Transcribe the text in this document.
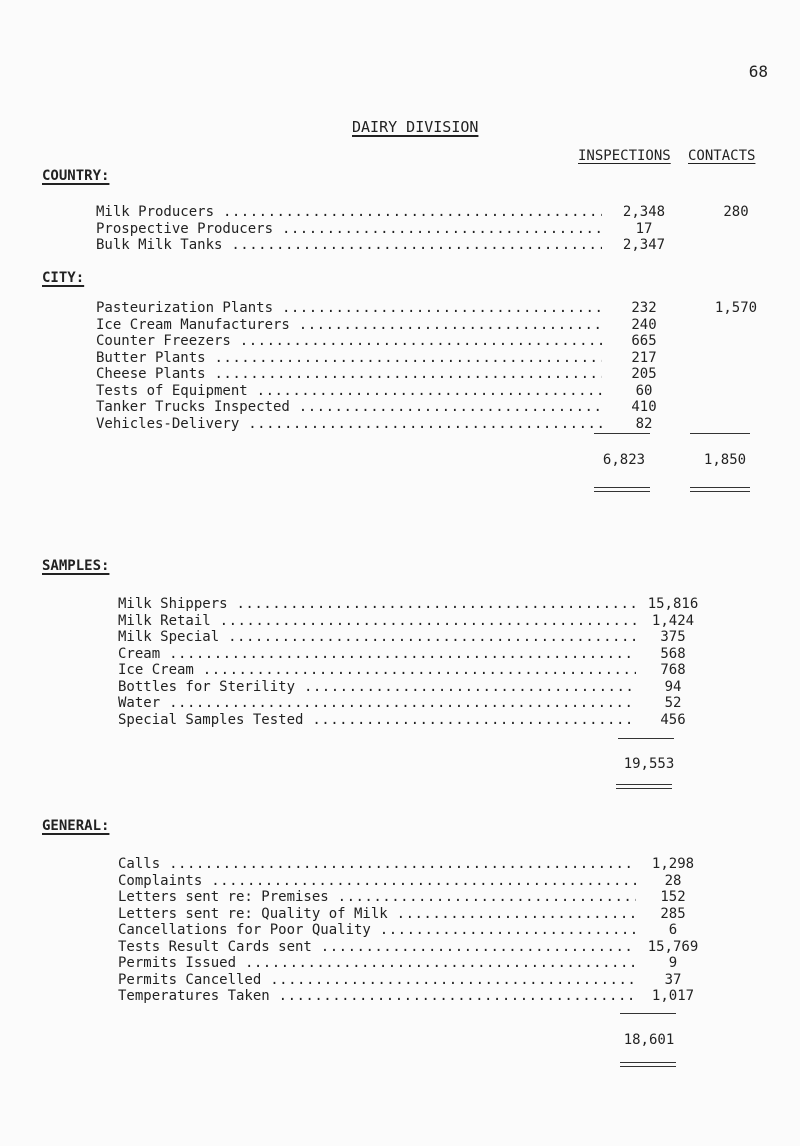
68
DAIRY DIVISION
INSPECTIONS CONTACTS
COUNTRY:
Milk Producers .....	2,348	280
Prospective Producers .....	17
Bulk Milk Tanks .....	2,347
CITY:
Pasteurization Plants .....	232	1,570
Ice Cream Manufacturers .....	240
Counter Freezers .....	665
Butter Plants .....	217
Cheese Plants .....	205
Tests of Equipment .....	60
Tanker Trucks Inspected .....	410
Vehicles-Delivery .....	82
6,823	1,850
SAMPLES:
Milk Shippers .....	15,816
Milk Retail .....	1,424
Milk Special .....	375
Cream .....	568
Ice Cream .....	768
Bottles for Sterility .....	94
Water .....	52
Special Samples Tested .....	456
19,553
GENERAL:
Calls .....	1,298
Complaints .....	28
Letters sent re: Premises .....	152
Letters sent re: Quality of Milk .....	285
Cancellations for Poor Quality .....	6
Tests Result Cards sent .....	15,769
Permits Issued .....	9
Permits Cancelled .....	37
Temperatures Taken .....	1,017
18,601
